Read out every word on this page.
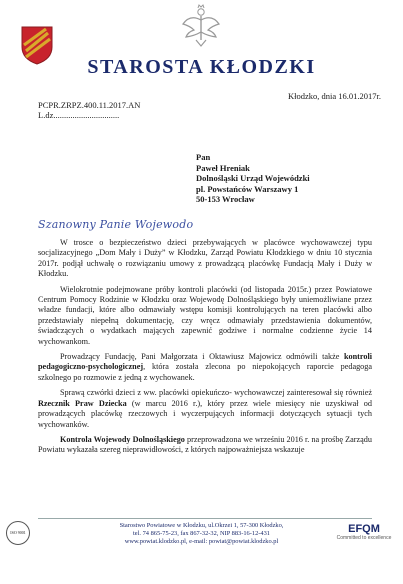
STAROSTA KŁODZKI
Kłodzko, dnia 16.01.2017r.
PCPR.ZRPZ.400.11.2017.AN
L.dz...............................
Pan
Paweł Hreniak
Dolnośląski Urząd Wojewódzki
pl. Powstańców Warszawy 1
50-153 Wrocław
Szanowny Panie Wojewodo

W trosce o bezpieczeństwo dzieci przebywających w placówce wychowawczej typu socjalizacyjnego „Dom Mały i Duży” w Kłodzku, Zarząd Powiatu Kłodzkiego w dniu 10 stycznia 2017r. podjął uchwałę o rozwiązaniu umowy z prowadzącą placówkę Fundacją Mały i Duży w Kłodzku.

Wielokrotnie podejmowane próby kontroli placówki (od listopada 2015r.) przez Powiatowe Centrum Pomocy Rodzinie w Kłodzku oraz Wojewodę Dolnośląskiego były uniemożliwiane przez władze fundacji, które albo odmawiały wstępu komisji kontrolujących na teren placówki albo przedstawiały niepełną dokumentację, czy wręcz odmawiały przedstawienia dokumentów, świadczących o wydatkach mających zapewnić godziwe i normalne codzienne życie 14 wychowankom.

Prowadzący Fundację, Pani Małgorzata i Oktawiusz Majowicz odmówili także kontroli pedagogiczno-psychologicznej, która została zlecona po niepokojących raporcie pedagoga szkolnego po rozmowie z jedną z wychowanek.

Sprawą czwórki dzieci z ww. placówki opiekuńczo- wychowawczej zainteresował się również Rzecznik Praw Dziecka (w marcu 2016 r.), który przez wiele miesięcy nie uzyskiwał od prowadzących placówkę rzeczowych i wyczerpujących informacji dotyczących sytuacji tych wychowanków.

Kontrola Wojewody Dolnośląskiego przeprowadzona we wrześniu 2016 r. na prośbę Zarządu Powiatu wykazała szereg nieprawidłowości, z których najpoważniejsza wskazuje

ISO 9001
Starostwo Powiatowe w Kłodzku, ul.Okrzei 1, 57-300 Kłodzko,
tel. 74 865-75-23, fax 867-32-32, NIP 883-16-12-431
www.powiat.klodzko.pl, e-mail: powiat@powiat.klodzko.pl
EFQM
Committed to excellence
